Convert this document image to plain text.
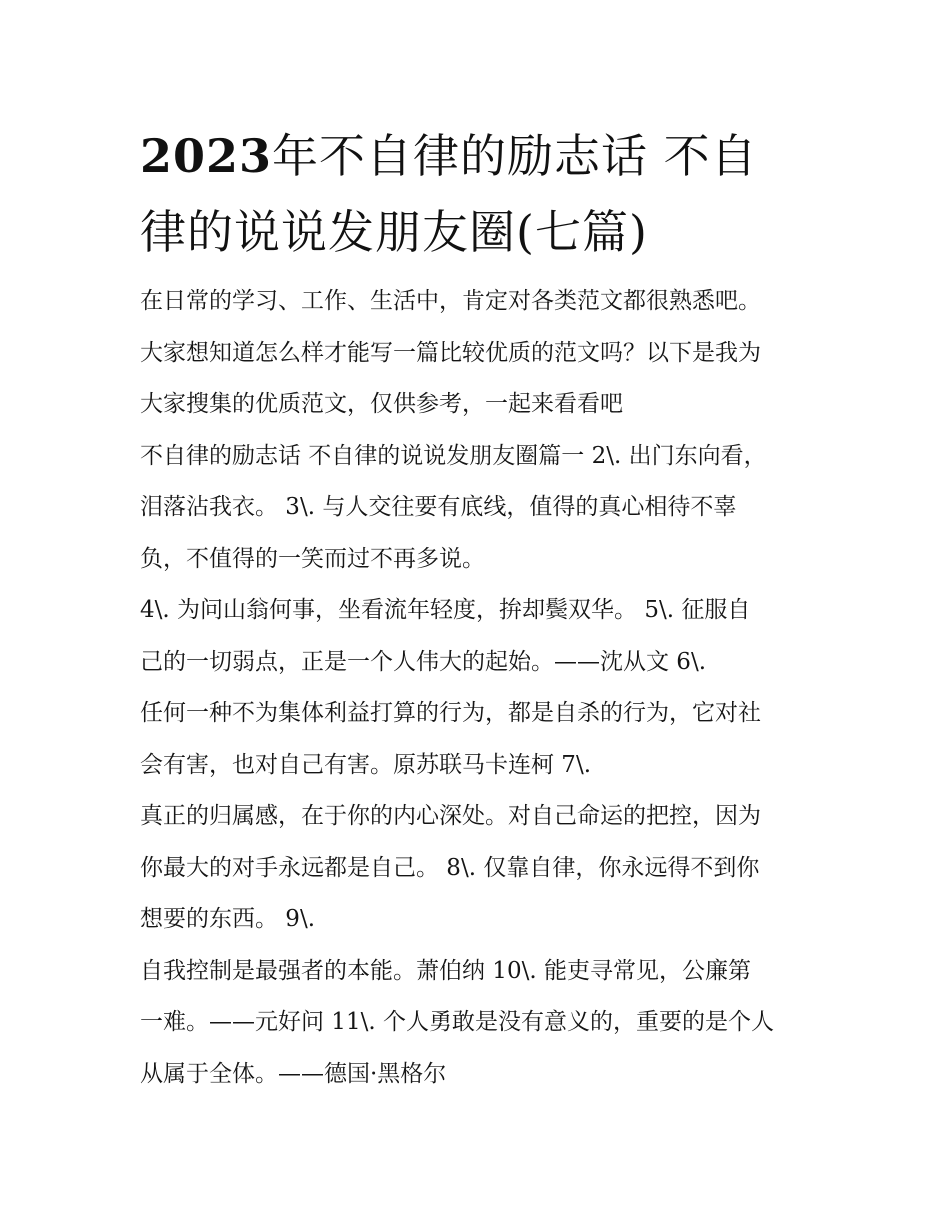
2023年不自律的励志话 不自
律的说说发朋友圈(七篇)
在日常的学习、工作、生活中，肯定对各类范文都很熟悉吧。
大家想知道怎么样才能写一篇比较优质的范文吗？以下是我为
大家搜集的优质范文，仅供参考，一起来看看吧
不自律的励志话 不自律的说说发朋友圈篇一 2\. 出门东向看，
泪落沾我衣。 3\. 与人交往要有底线，值得的真心相待不辜
负，不值得的一笑而过不再多说。
4\. 为问山翁何事，坐看流年轻度，拚却鬓双华。 5\. 征服自
己的一切弱点，正是一个人伟大的起始。——沈从文 6\.
任何一种不为集体利益打算的行为，都是自杀的行为，它对社
会有害，也对自己有害。原苏联马卡连柯 7\.
真正的归属感，在于你的内心深处。对自己命运的把控，因为
你最大的对手永远都是自己。 8\. 仅靠自律，你永远得不到你
想要的东西。 9\.
自我控制是最强者的本能。萧伯纳 10\. 能吏寻常见，公廉第
一难。——元好问 11\. 个人勇敢是没有意义的，重要的是个人
从属于全体。——德国·黑格尔
